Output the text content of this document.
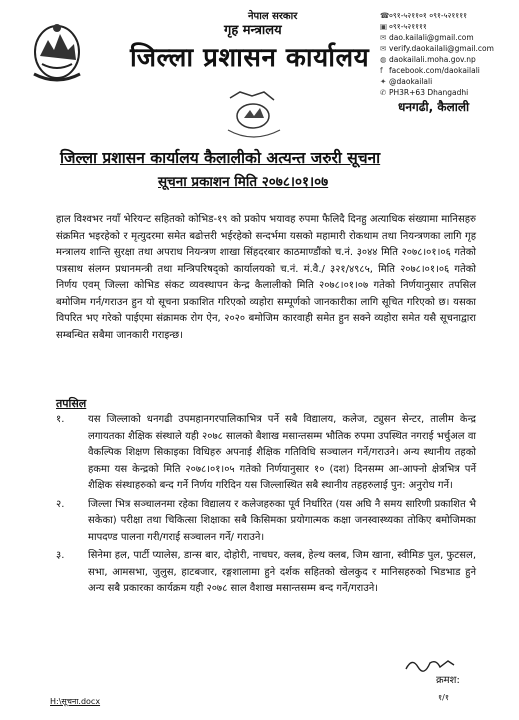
नेपाल सरकार
गृह मन्त्रालय
जिल्ला प्रशासन कार्यालय
☎०९१-५२११०१ ०९१-५२११११
▣ ०९१-५२११११
✉ dao.kailali@gmail.com
✉ verify.daokailali@gmail.com
◍ daokailali.moha.gov.np
f facebook.com/daokailali
✦ @daokailali
✆ PH3R+63 Dhangadhi
धनगढी, कैलाली
जिल्ला प्रशासन कार्यालय कैलालीको अत्यन्त जरुरी सूचना
सूचना प्रकाशन मिति २०७८।०१।०७
हाल विश्वभर नयाँ भेरियन्ट सहितको कोभिड-१९ को प्रकोप भयावह रुपमा फैलिदै दिनहु अत्याधिक संख्यामा मानिसहरु संक्रमित भइरहेको र मृत्युदरमा समेत बढोत्तरी भईरहेको सन्दर्भमा यसको महामारी रोकथाम तथा नियन्त्रणका लागि गृह मन्त्रालय शान्ति सुरक्षा तथा अपराध नियन्त्रण शाखा सिंहदरबार काठमाण्डौंको च.नं. ३०४४ मिति २०७८।०१।०६ गतेको पत्रसाथ संलग्न प्रधानमन्त्री तथा मन्त्रिपरिषद्को कार्यालयको च.नं. मं.वै./ ३२१/४९८५, मिति २०७८।०१।०६ गतेको निर्णय एवम् जिल्ला कोभिड संकट व्यवस्थापन केन्द्र कैलालीको मिति २०७८।०१।०७ गतेको निर्णयानुसार तपसिल बमोजिम गर्न/गराउन हुन यो सूचना प्रकाशित गरिएको व्यहोरा सम्पूर्णको जानकारीका लागि सूचित गरिएको छ। यसका विपरित भए गरेको पाईएमा संक्रामक रोग ऐन, २०२० बमोजिम कारवाही समेत हुन सक्ने व्यहोरा समेत यसै सूचनाद्वारा सम्बन्धित सबैमा जानकारी गराइन्छ।
तपसिल
१.	यस जिल्लाको धनगढी उपमहानगरपालिकाभित्र पर्ने सबै विद्यालय, कलेज, ट्युसन सेन्टर, तालीम केन्द्र लगायतका शैक्षिक संस्थाले यही २०७८ सालको बैशाख मसान्तसम्म भौतिक रुपमा उपस्थित नगराई भर्चुअल वा वैकल्पिक शिक्षण सिकाइका विधिहरु अपनाई शैक्षिक गतिविधि सञ्चालन गर्ने/गराउने। अन्य स्थानीय तहको हकमा यस केन्द्रको मिति २०७८।०१।०५ गतेको निर्णयानुसार १० (दश) दिनसम्म आ-आफ्नो क्षेत्रभित्र पर्ने शैक्षिक संस्थाहरुको बन्द गर्ने निर्णय गरिदिन यस जिल्लास्थित सबै स्थानीय तहहरुलाई पुन: अनुरोध गर्ने।
२.	जिल्ला भित्र सञ्चालनमा रहेका विद्यालय र कलेजहरुका पूर्व निर्धारित (यस अघि नै समय सारिणी प्रकाशित भै सकेका) परीक्षा तथा चिकित्सा शिक्षाका सबै किसिमका प्रयोगात्मक कक्षा जनस्वास्थ्यका तोकिए बमोजिमका मापदण्ड पालना गरी/गराई सञ्चालन गर्ने/ गराउने।
३.	सिनेमा हल, पार्टी प्यालेस, डान्स बार, दोहोरी, नाचघर, क्लब, हेल्थ क्लब, जिम खाना, स्वीमिङ पुल, फुटसल, सभा, आमसभा, जुलुस, हाटबजार, रङ्गशालामा हुने दर्शक सहितको खेलकुद र मानिसहरुको भिडभाड हुने अन्य सबै प्रकारका कार्यक्रम यही २०७८ साल वैशाख मसान्तसम्म बन्द गर्ने/गराउने।
क्रमश:
१/१
H:\सूचना.docx
